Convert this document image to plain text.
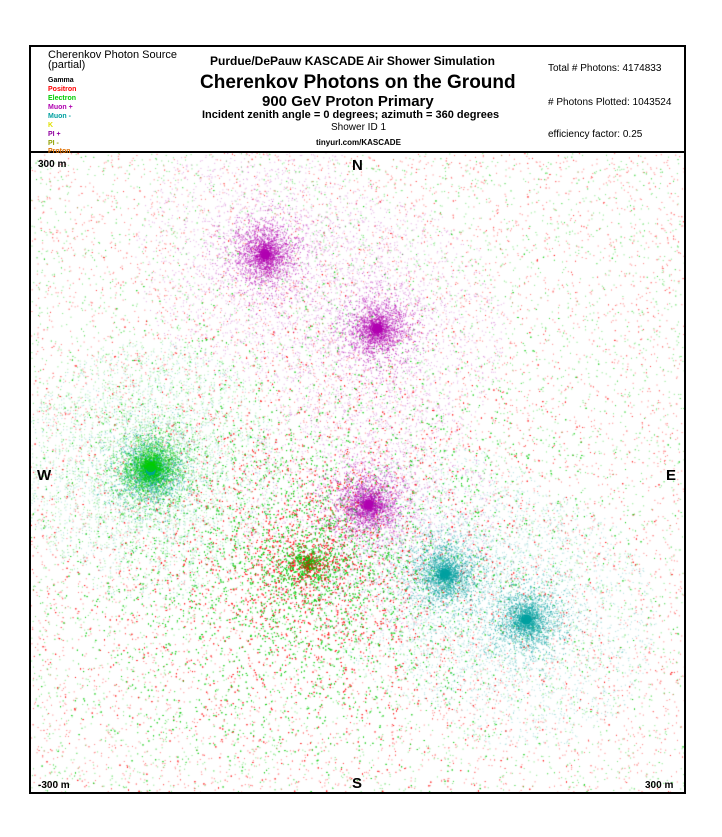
Cherenkov Photon Source
(partial)
Gamma
Positron
Electron
Muon +
Muon -
K
PI +
PI -
Proton
Purdue/DePauw KASCADE Air Shower Simulation
Cherenkov Photons on the Ground
900 GeV Proton Primary
Incident zenith angle = 0 degrees; azimuth = 360 degrees
Shower ID 1
tinyurl.com/KASCADE
Total # Photons: 4174833
# Photons Plotted: 1043524
efficiency factor: 0.25
N
S
W	E
300 m
-300 m	300 m
